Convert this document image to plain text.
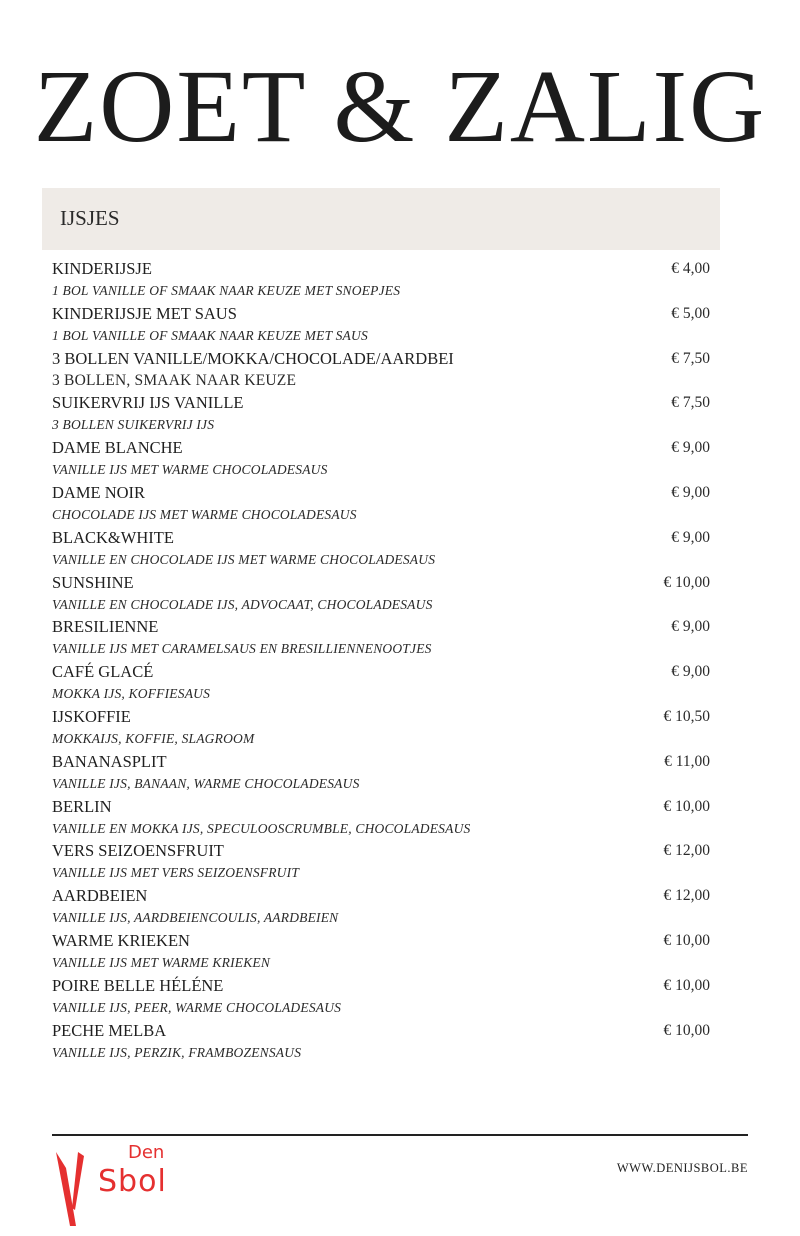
ZOET & ZALIG
IJSJES
KINDERIJSJE	€ 4,00
1 BOL VANILLE OF SMAAK NAAR KEUZE MET SNOEPJES
KINDERIJSJE MET SAUS	€ 5,00
1 BOL VANILLE OF SMAAK NAAR KEUZE MET SAUS
3 BOLLEN VANILLE/MOKKA/CHOCOLADE/AARDBEI	€ 7,50
3 BOLLEN, SMAAK NAAR KEUZE
SUIKERVRIJ IJS VANILLE	€ 7,50
3 BOLLEN SUIKERVRIJ IJS
DAME BLANCHE	€ 9,00
VANILLE IJS MET WARME CHOCOLADESAUS
DAME NOIR	€ 9,00
CHOCOLADE IJS MET WARME CHOCOLADESAUS
BLACK&WHITE	€ 9,00
VANILLE EN CHOCOLADE IJS MET WARME CHOCOLADESAUS
SUNSHINE	€ 10,00
VANILLE EN CHOCOLADE IJS, ADVOCAAT, CHOCOLADESAUS
BRESILIENNE	€ 9,00
VANILLE IJS MET CARAMELSAUS EN BRESILLIENNENOOTJES
CAFÉ GLACÉ	€ 9,00
MOKKA IJS, KOFFIESAUS
IJSKOFFIE	€ 10,50
MOKKAIJS, KOFFIE, SLAGROOM
BANANASPLIT	€ 11,00
VANILLE IJS, BANAAN, WARME CHOCOLADESAUS
BERLIN	€ 10,00
VANILLE EN MOKKA IJS, SPECULOOSCRUMBLE, CHOCOLADESAUS
VERS SEIZOENSFRUIT	€ 12,00
VANILLE IJS MET VERS SEIZOENSFRUIT
AARDBEIEN	€ 12,00
VANILLE IJS, AARDBEIENCOULIS, AARDBEIEN
WARME KRIEKEN	€ 10,00
VANILLE IJS MET WARME KRIEKEN
POIRE BELLE HÉLÉNE	€ 10,00
VANILLE IJS, PEER, WARME CHOCOLADESAUS
PECHE MELBA	€ 10,00
VANILLE IJS, PERZIK, FRAMBOZENSAUS
Den
Sbol	WWW.DENIJSBOL.BE
